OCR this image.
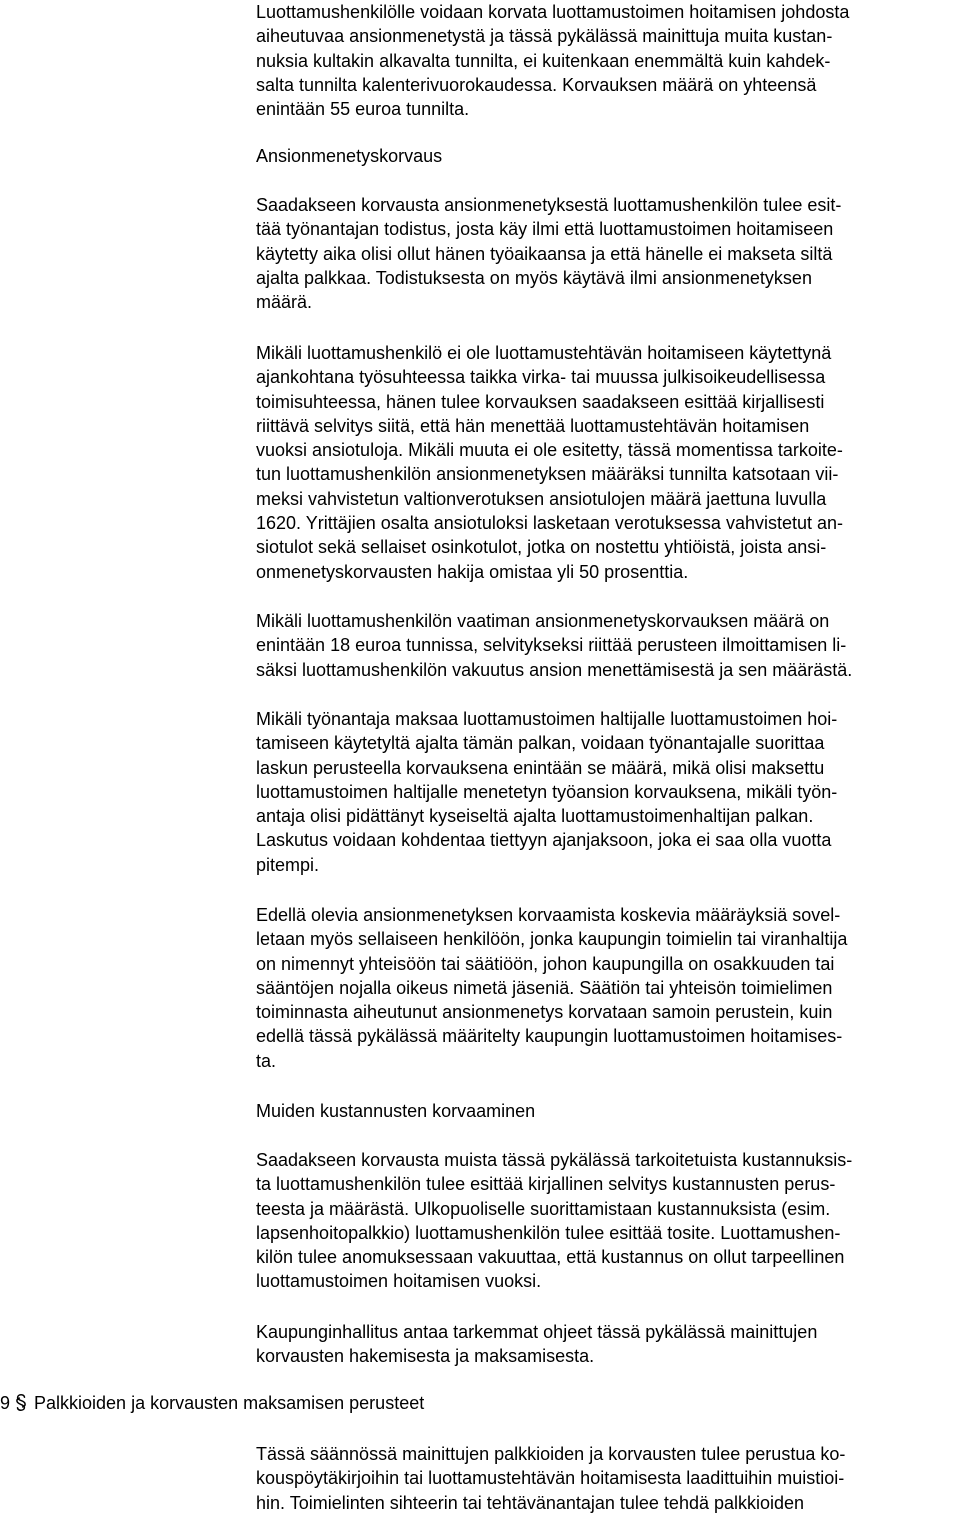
Luottamushenkilölle voidaan korvata luottamustoimen hoitamisen johdosta
aiheutuvaa ansionmenetystä ja tässä pykälässä mainittuja muita kustan-
nuksia kultakin alkavalta tunnilta, ei kuitenkaan enemmältä kuin kahdek-
salta tunnilta kalenterivuorokaudessa. Korvauksen määrä on yhteensä
enintään 55 euroa tunnilta.
Ansionmenetyskorvaus
Saadakseen korvausta ansionmenetyksestä luottamushenkilön tulee esit-
tää työnantajan todistus, josta käy ilmi että luottamustoimen hoitamiseen
käytetty aika olisi ollut hänen työaikaansa ja että hänelle ei makseta siltä
ajalta palkkaa. Todistuksesta on myös käytävä ilmi ansionmenetyksen
määrä.
Mikäli luottamushenkilö ei ole luottamustehtävän hoitamiseen käytettynä
ajankohtana työsuhteessa taikka virka- tai muussa julkisoikeudellisessa
toimisuhteessa, hänen tulee korvauksen saadakseen esittää kirjallisesti
riittävä selvitys siitä, että hän menettää luottamustehtävän hoitamisen
vuoksi ansiotuloja. Mikäli muuta ei ole esitetty, tässä momentissa tarkoite-
tun luottamushenkilön ansionmenetyksen määräksi tunnilta katsotaan vii-
meksi vahvistetun valtionverotuksen ansiotulojen määrä jaettuna luvulla
1620. Yrittäjien osalta ansiotuloksi lasketaan verotuksessa vahvistetut an-
siotulot sekä sellaiset osinkotulot, jotka on nostettu yhtiöistä, joista ansi-
onmenetyskorvausten hakija omistaa yli 50 prosenttia.
Mikäli luottamushenkilön vaatiman ansionmenetyskorvauksen määrä on
enintään 18 euroa tunnissa, selvitykseksi riittää perusteen ilmoittamisen li-
säksi luottamushenkilön vakuutus ansion menettämisestä ja sen määrästä.
Mikäli työnantaja maksaa luottamustoimen haltijalle luottamustoimen hoi-
tamiseen käytetyltä ajalta tämän palkan, voidaan työnantajalle suorittaa
laskun perusteella korvauksena enintään se määrä, mikä olisi maksettu
luottamustoimen haltijalle menetetyn työansion korvauksena, mikäli työn-
antaja olisi pidättänyt kyseiseltä ajalta luottamustoimenhaltijan palkan.
Laskutus voidaan kohdentaa tiettyyn ajanjaksoon, joka ei saa olla vuotta
pitempi.
Edellä olevia ansionmenetyksen korvaamista koskevia määräyksiä sovel-
letaan myös sellaiseen henkilöön, jonka kaupungin toimielin tai viranhaltija
on nimennyt yhteisöön tai säätiöön, johon kaupungilla on osakkuuden tai
sääntöjen nojalla oikeus nimetä jäseniä. Säätiön tai yhteisön toimielimen
toiminnasta aiheutunut ansionmenetys korvataan samoin perustein, kuin
edellä tässä pykälässä määritelty kaupungin luottamustoimen hoitamises-
ta.
Muiden kustannusten korvaaminen
Saadakseen korvausta muista tässä pykälässä tarkoitetuista kustannuksis-
ta luottamushenkilön tulee esittää kirjallinen selvitys kustannusten perus-
teesta ja määrästä. Ulkopuoliselle suorittamistaan kustannuksista (esim.
lapsenhoitopalkkio) luottamushenkilön tulee esittää tosite. Luottamushen-
kilön tulee anomuksessaan vakuuttaa, että kustannus on ollut tarpeellinen
luottamustoimen hoitamisen vuoksi.
Kaupunginhallitus antaa tarkemmat ohjeet tässä pykälässä mainittujen
korvausten hakemisesta ja maksamisesta.
9 Palkkioiden ja korvausten maksamisen perusteet
Tässä säännössä mainittujen palkkioiden ja korvausten tulee perustua ko-
kouspöytäkirjoihin tai luottamustehtävän hoitamisesta laadittuihin muistioi-
hin. Toimielinten sihteerin tai tehtävänantajan tulee tehdä palkkioiden
